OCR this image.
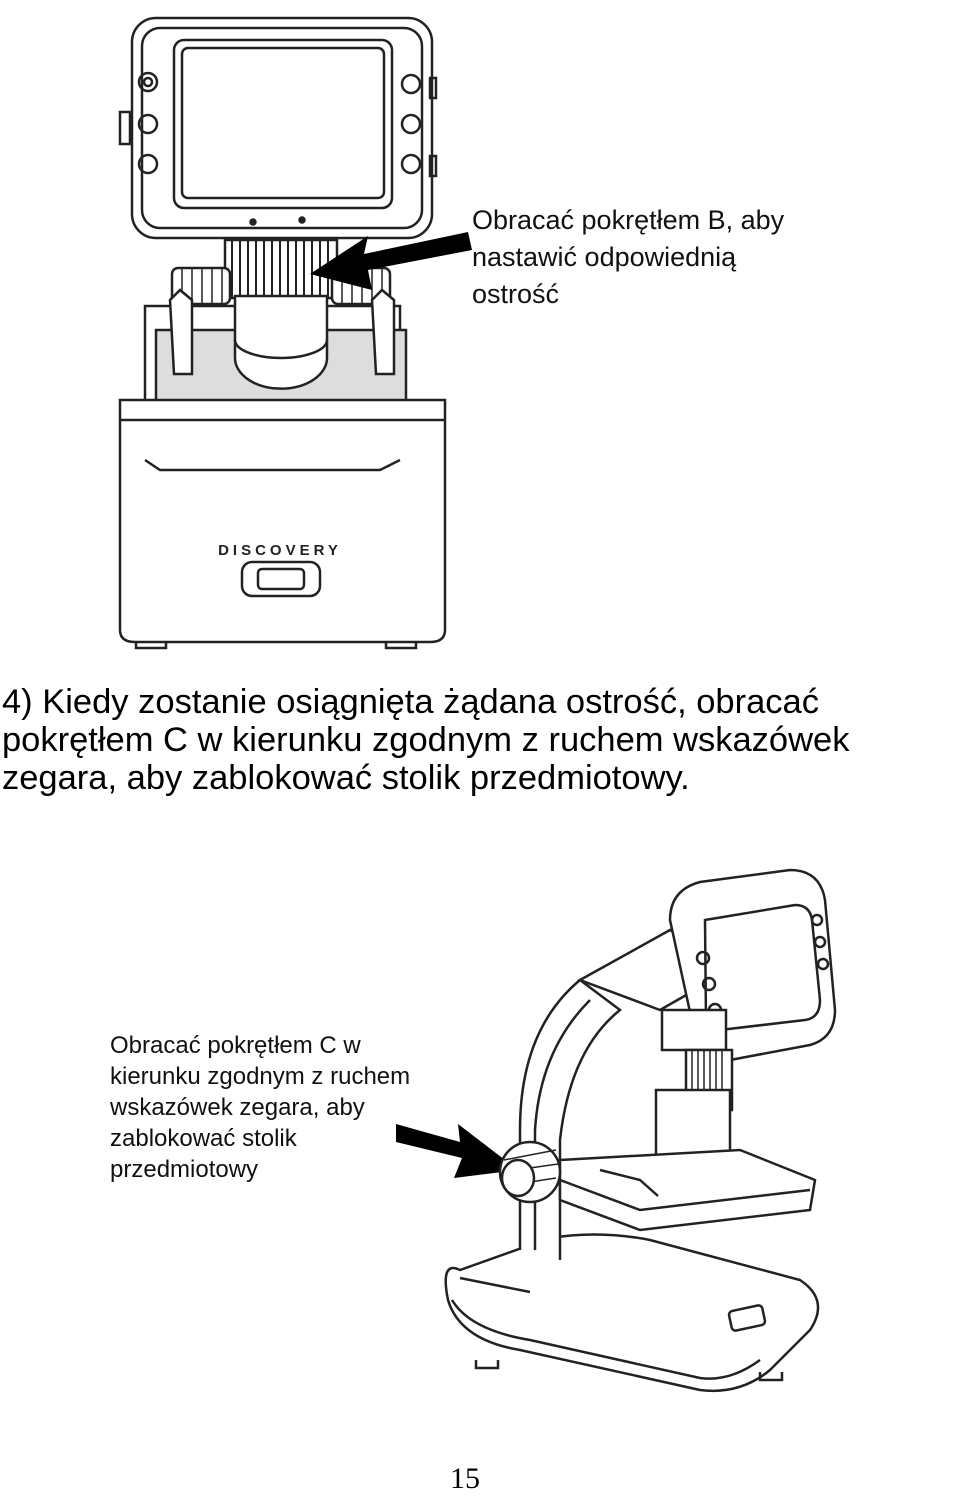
DISCOVERY
Obracać pokrętłem B, aby
nastawić odpowiednią
ostrość

4) Kiedy zostanie osiągnięta żądana ostrość, obracać
pokrętłem C w kierunku zgodnym z ruchem wskazówek
zegara, aby zablokować stolik przedmiotowy.

Obracać pokrętłem C w
kierunku zgodnym z ruchem
wskazówek zegara, aby
zablokować stolik
przedmiotowy
15
